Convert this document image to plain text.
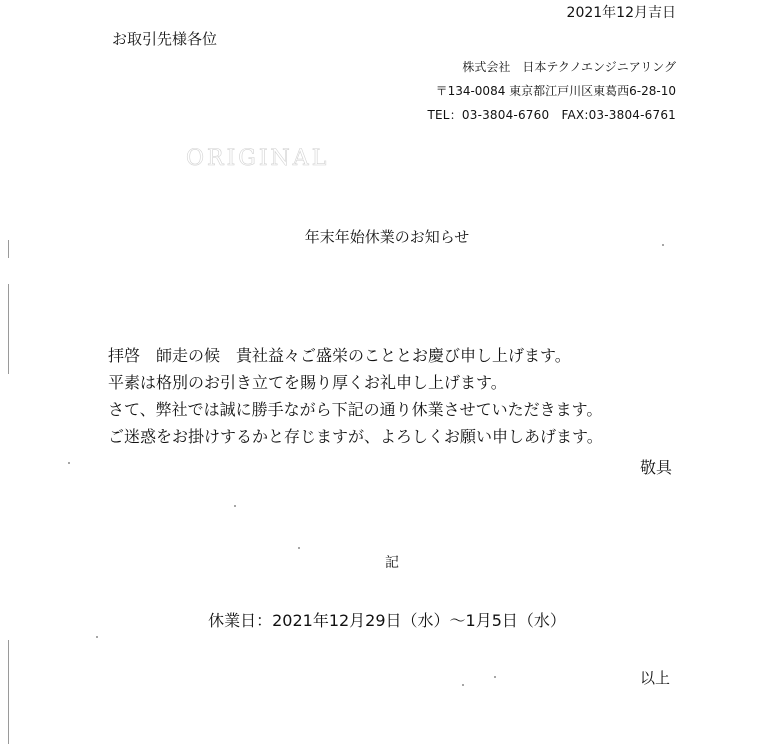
2021年12月吉日
お取引先様各位
株式会社　日本テクノエンジニアリング
〒134-0084 東京都江戸川区東葛西6-28-10
TEL：03-3804-6760　FAX:03-3804-6761
ORIGINAL
年末年始休業のお知らせ

拝啓　師走の候　貴社益々ご盛栄のこととお慶び申し上げます。

平素は格別のお引き立てを賜り厚くお礼申し上げます。

さて、弊社では誠に勝手ながら下記の通り休業させていただきます。

ご迷惑をお掛けするかと存じますが、よろしくお願い申しあげます。

敬具
記
休業日：2021年12月29日（水）～1月5日（水）
以上
